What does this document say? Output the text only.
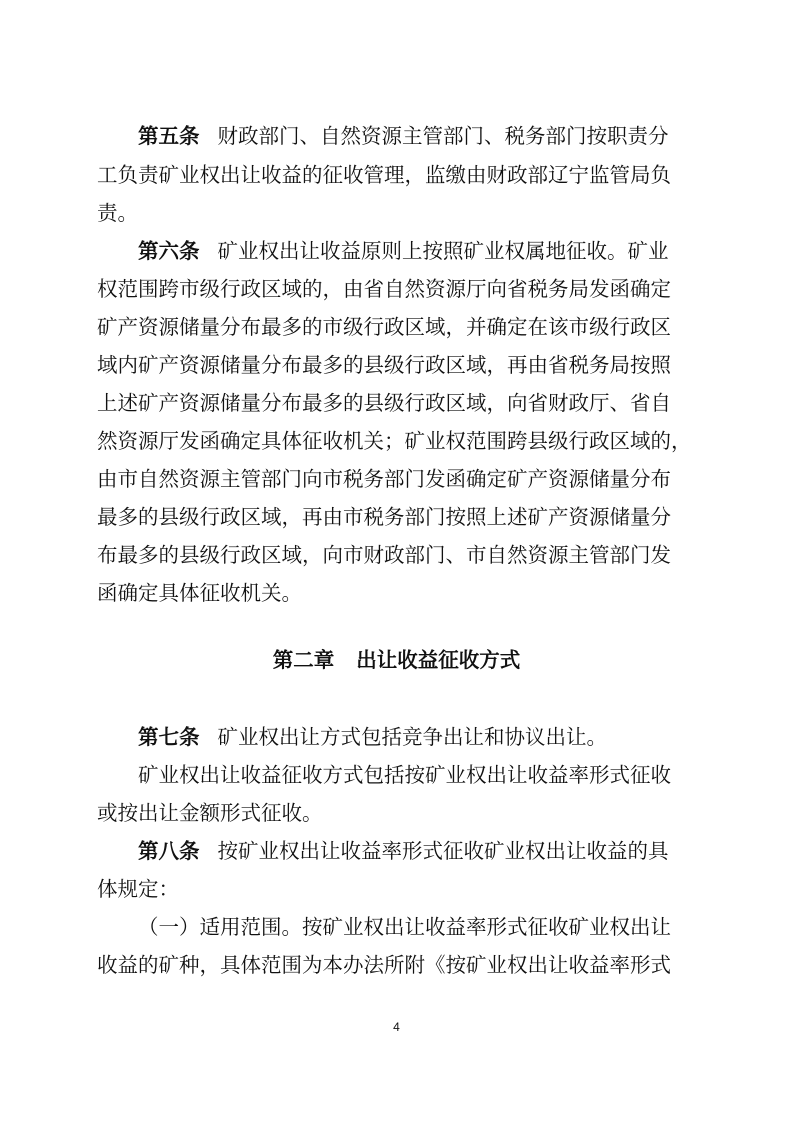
第五条 财政部门、自然资源主管部门、税务部门按职责分
工负责矿业权出让收益的征收管理，监缴由财政部辽宁监管局负
责。
第六条 矿业权出让收益原则上按照矿业权属地征收。矿业
权范围跨市级行政区域的，由省自然资源厅向省税务局发函确定
矿产资源储量分布最多的市级行政区域，并确定在该市级行政区
域内矿产资源储量分布最多的县级行政区域，再由省税务局按照
上述矿产资源储量分布最多的县级行政区域，向省财政厅、省自
然资源厅发函确定具体征收机关；矿业权范围跨县级行政区域的，
由市自然资源主管部门向市税务部门发函确定矿产资源储量分布
最多的县级行政区域，再由市税务部门按照上述矿产资源储量分
布最多的县级行政区域，向市财政部门、市自然资源主管部门发
函确定具体征收机关。
第二章 出让收益征收方式
第七条 矿业权出让方式包括竞争出让和协议出让。
矿业权出让收益征收方式包括按矿业权出让收益率形式征收
或按出让金额形式征收。
第八条 按矿业权出让收益率形式征收矿业权出让收益的具
体规定：
（一）适用范围。按矿业权出让收益率形式征收矿业权出让
收益的矿种，具体范围为本办法所附《按矿业权出让收益率形式
4
